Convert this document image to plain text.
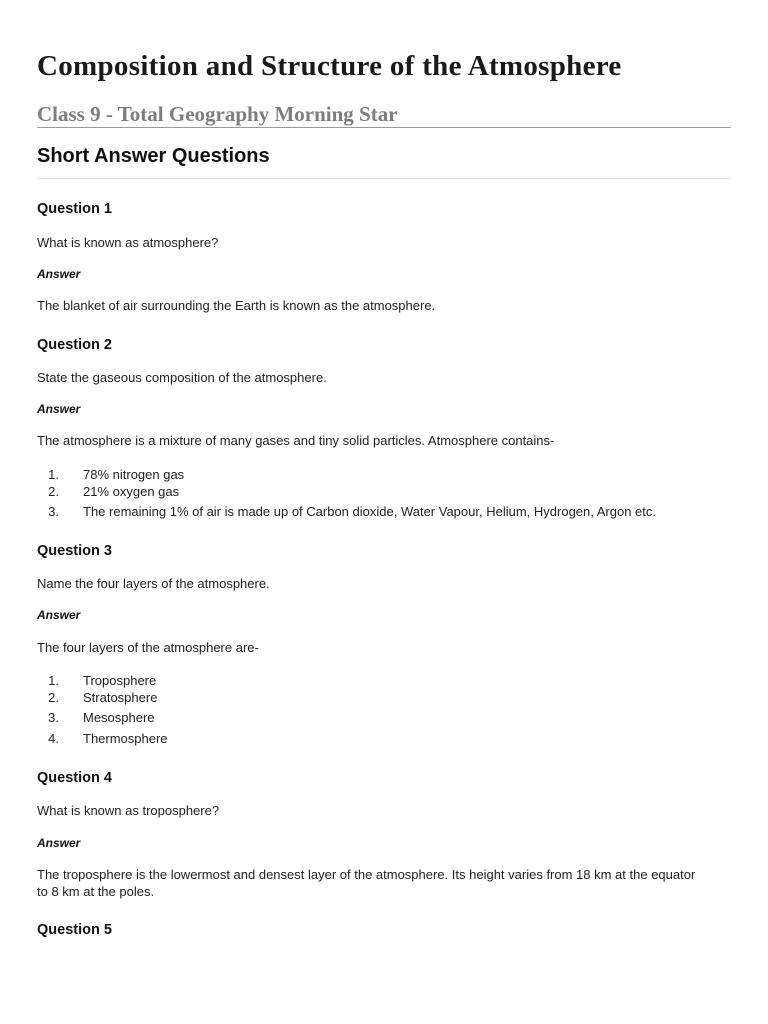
Composition and Structure of the Atmosphere
Class 9 - Total Geography Morning Star
Short Answer Questions

Question 1

What is known as atmosphere?

Answer

The blanket of air surrounding the Earth is known as the atmosphere.

Question 2

State the gaseous composition of the atmosphere.

Answer

The atmosphere is a mixture of many gases and tiny solid particles. Atmosphere contains-

1. 78% nitrogen gas
2. 21% oxygen gas
3. The remaining 1% of air is made up of Carbon dioxide, Water Vapour, Helium, Hydrogen, Argon etc.

Question 3

Name the four layers of the atmosphere.

Answer

The four layers of the atmosphere are-

1. Troposphere
2. Stratosphere
3. Mesosphere
4. Thermosphere

Question 4

What is known as troposphere?

Answer

The troposphere is the lowermost and densest layer of the atmosphere. Its height varies from 18 km at the equator to 8 km at the poles.

Question 5
